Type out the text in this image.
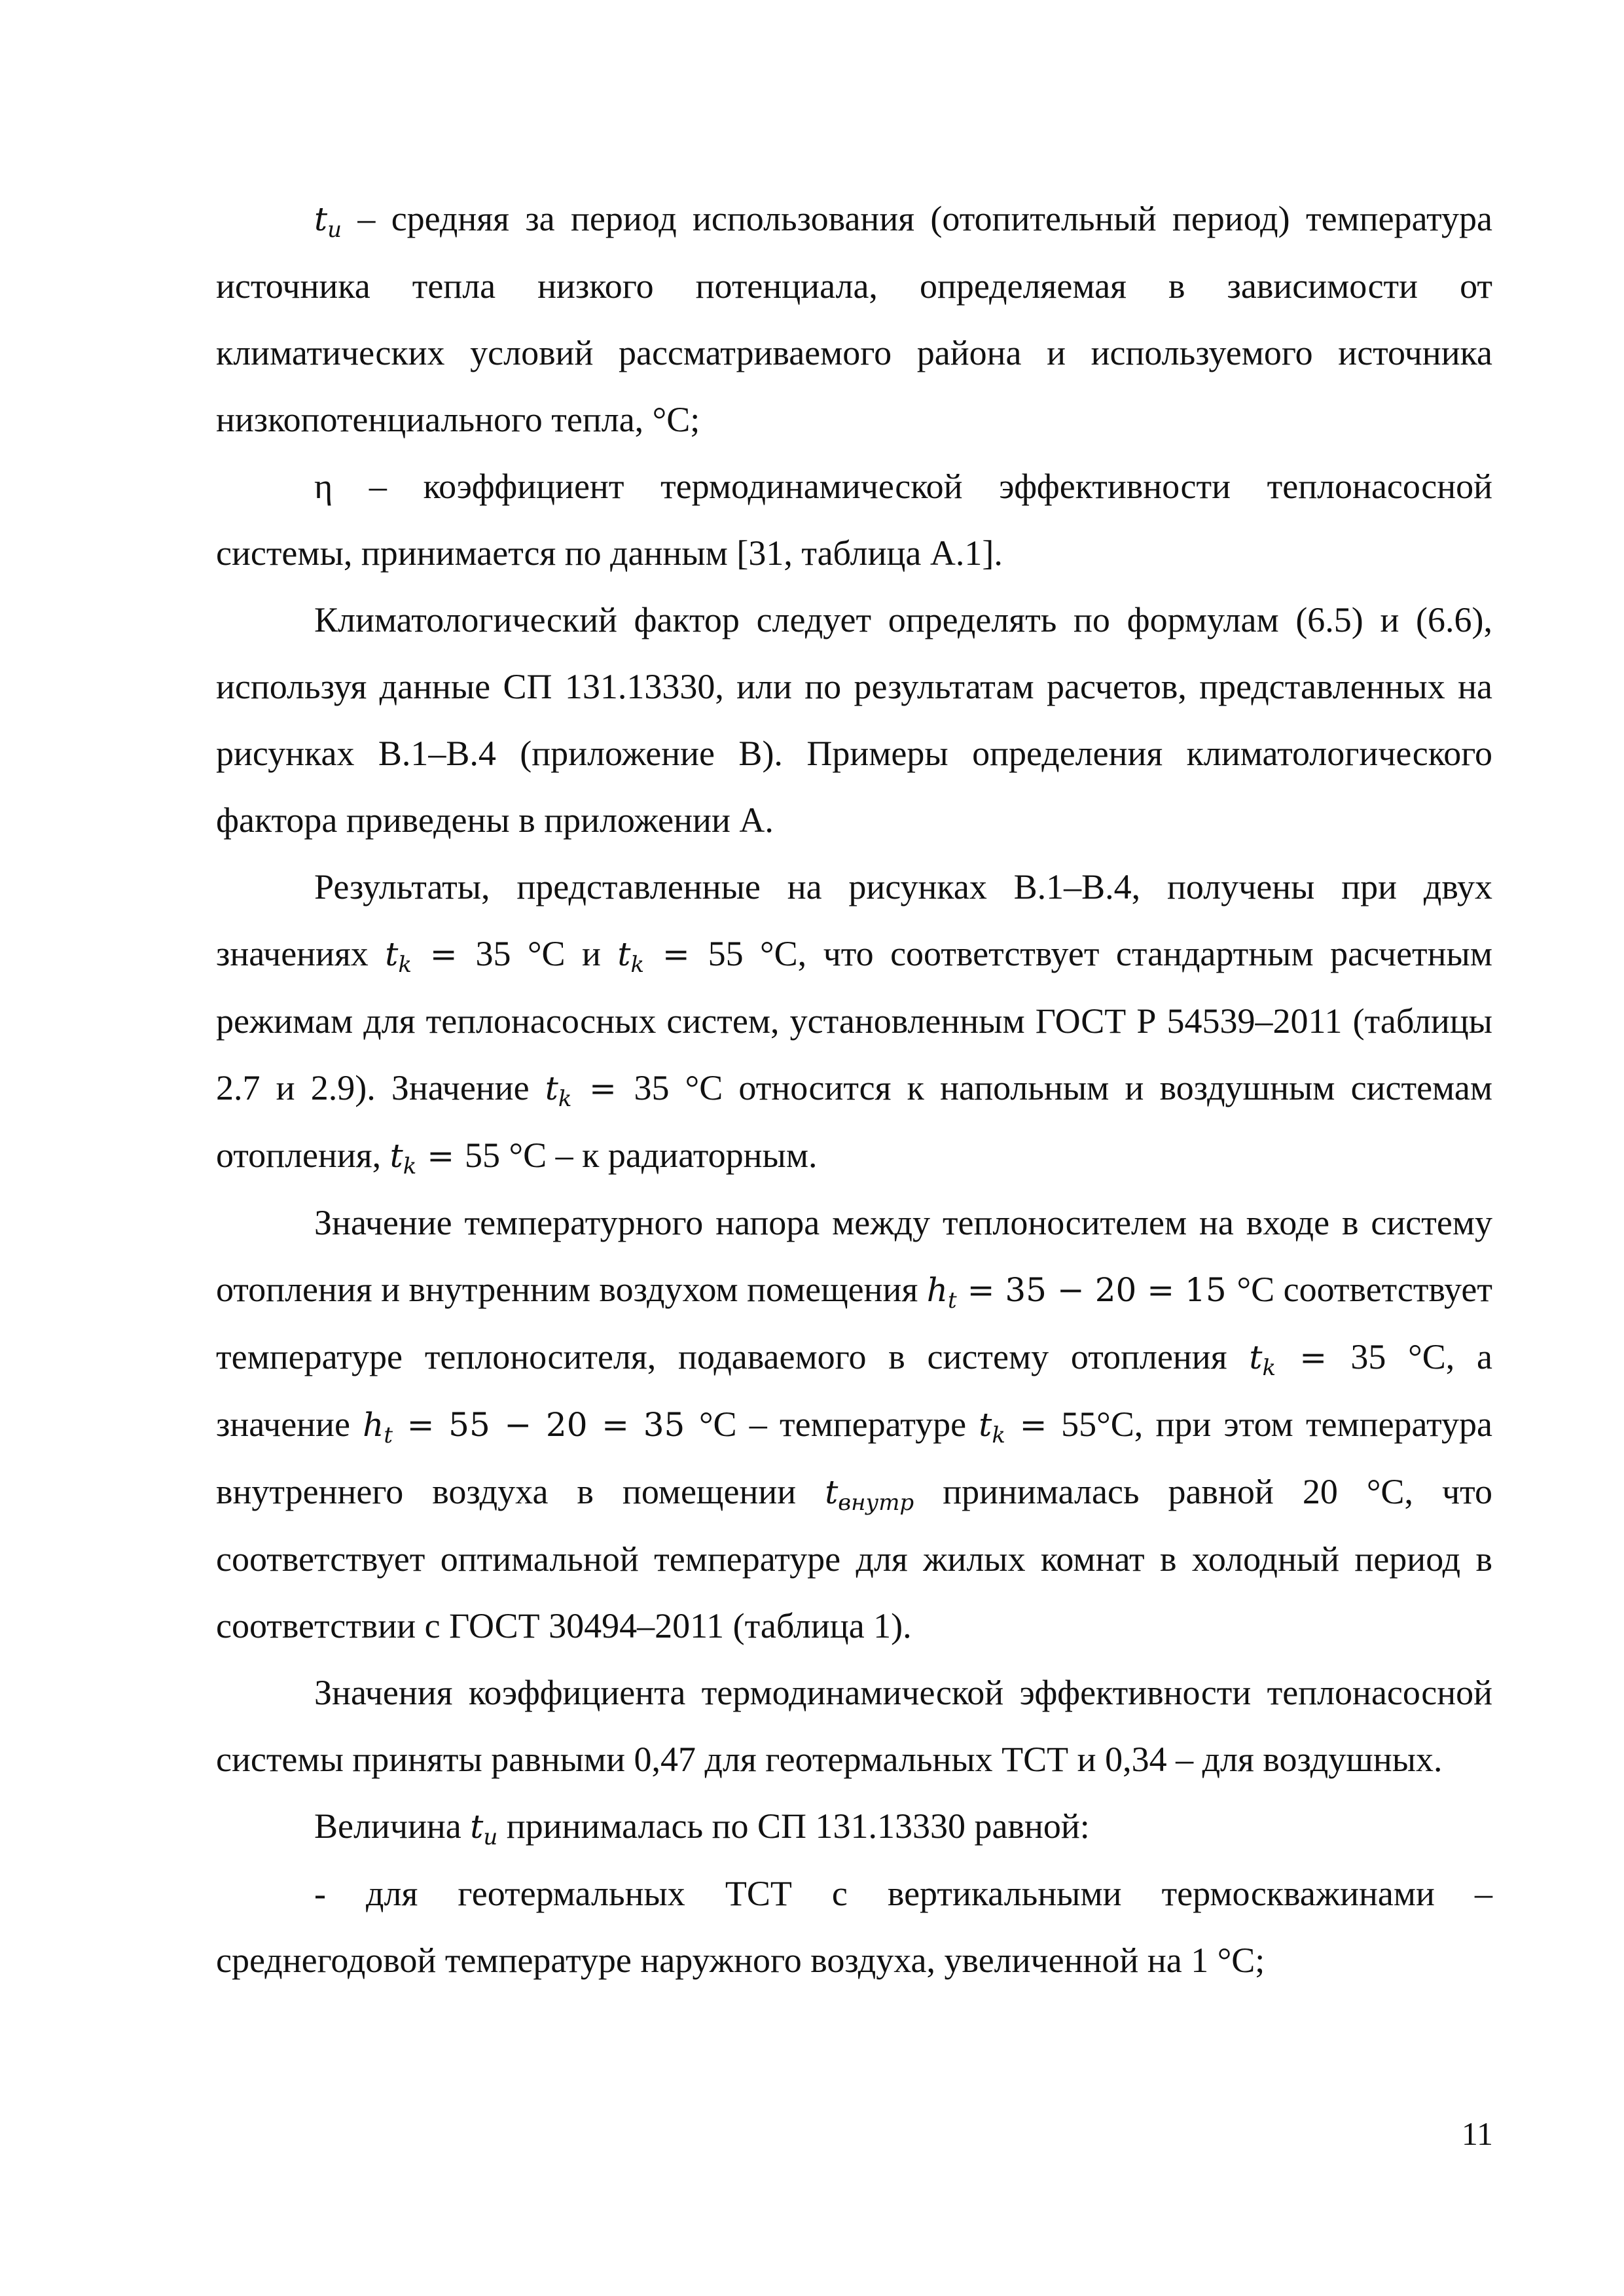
$t_u$ – средняя за период использования (отопительный период) температура источника тепла низкого потенциала, определяемая в зависимости от климатических условий рассматриваемого района и используемого источника низкопотенциального тепла, °С;

η – коэффициент термодинамической эффективности теплонасосной системы, принимается по данным [31, таблица А.1].

Климатологический фактор следует определять по формулам (6.5) и (6.6), используя данные СП 131.13330, или по результатам расчетов, представленных на рисунках В.1–В.4 (приложение В). Примеры определения климатологического фактора приведены в приложении А.

Результаты, представленные на рисунках В.1–В.4, получены при двух значениях $t_k = 35$ °С и $t_k = 55$ °С, что соответствует стандартным расчетным режимам для теплонасосных систем, установленным ГОСТ Р 54539–2011 (таблицы 2.7 и 2.9). Значение $t_k = 35$ °С относится к напольным и воздушным системам отопления, $t_k = 55$ °С – к радиаторным.

Значение температурного напора между теплоносителем на входе в систему отопления и внутренним воздухом помещения $h_t = 35 - 20 = 15$ °С соответствует температуре теплоносителя, подаваемого в систему отопления $t_k = 35$ °С, а значение $h_t = 55 - 20 = 35$ °С – температуре $t_k = 55^\circ С$, при этом температура внутреннего воздуха в помещении $t_{внутр}$ принималась равной 20 °С, что соответствует оптимальной температуре для жилых комнат в холодный период в соответствии с ГОСТ 30494–2011 (таблица 1).

Значения коэффициента термодинамической эффективности теплонасосной системы приняты равными 0,47 для геотермальных ТСТ и 0,34 – для воздушных.

Величина $t_u$ принималась по СП 131.13330 равной:

- для геотермальных ТСТ с вертикальными термоскважинами – среднегодовой температуре наружного воздуха, увеличенной на 1 °С;

11
